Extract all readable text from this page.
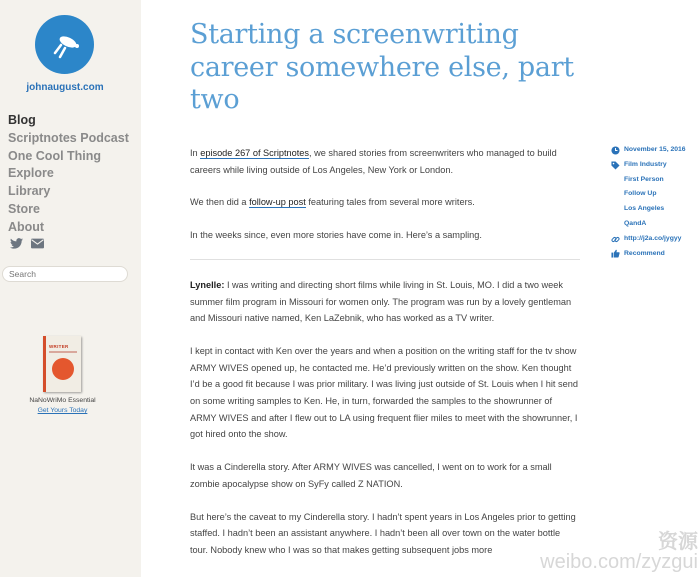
johnaugust.com
Blog
Scriptnotes Podcast
One Cool Thing
Explore
Library
Store
About
Search
WRITER
NaNoWriMo Essential
Get Yours Today
Starting a screenwriting career somewhere else, part two

In episode 267 of Scriptnotes, we shared stories from screenwriters who managed to build careers while living outside of Los Angeles, New York or London.

We then did a follow-up post featuring tales from several more writers.

In the weeks since, even more stories have come in. Here’s a sampling.

Lynelle: I was writing and directing short films while living in St. Louis, MO. I did a two week summer film program in Missouri for women only. The program was run by a lovely gentleman and Missouri native named, Ken LaZebnik, who has worked as a TV writer.

I kept in contact with Ken over the years and when a position on the writing staff for the tv show ARMY WIVES opened up, he contacted me. He’d previously written on the show. Ken thought I’d be a good fit because I was prior military. I was living just outside of St. Louis when I hit send on some writing samples to Ken. He, in turn, forwarded the samples to the showrunner of ARMY WIVES and after I flew out to LA using frequent flier miles to meet with the showrunner, I got hired onto the show.

It was a Cinderella story. After ARMY WIVES was cancelled, I went on to work for a small zombie apocalypse show on SyFy called Z NATION.

But here’s the caveat to my Cinderella story. I hadn’t spent years in Los Angeles prior to getting staffed. I hadn’t been an assistant anywhere. I hadn’t been all over town on the water bottle tour. Nobody knew who I was so that makes getting subsequent jobs more

November 15, 2016
Film Industry
First Person
Follow Up
Los Angeles
QandA
http://j2a.co/jygyy
Recommend
资源
weibo.com/zyzgui
